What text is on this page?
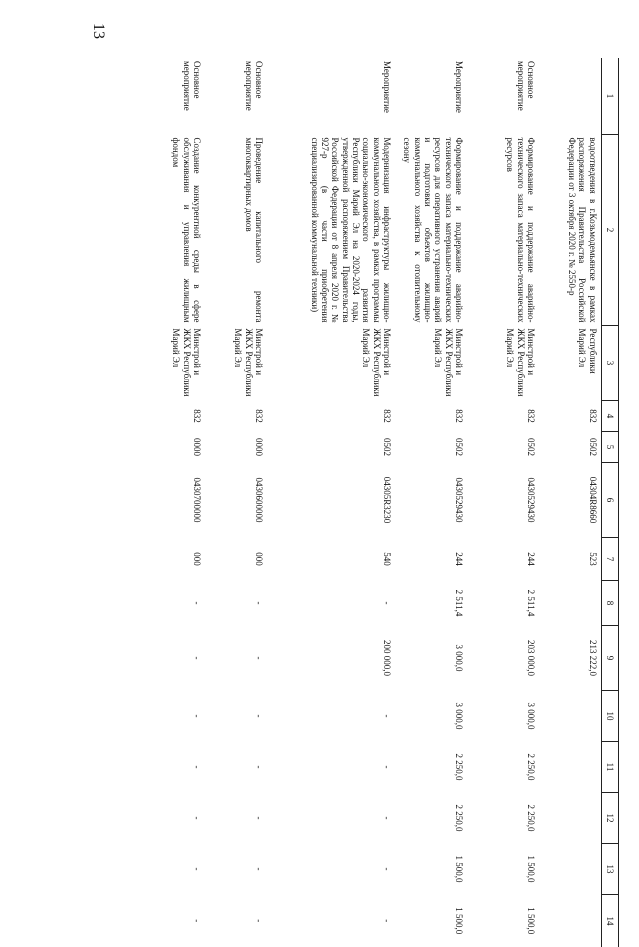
13
1	2	3	4	5	6	7	8	9	10	11	12	13	14
	водоотведения в г.Козьмодемьянске в рамках распоряжения Правительства Российской Федерации от 3 октября 2020 г. № 2550-р	Республики Марий Эл	832	0502	04304R8660	523		213 222,0					
Основное мероприятие	Формирование и поддержание аварийно-технического запаса материально-технических ресурсов	Минстрой и ЖКХ Республики Марий Эл	832	0502	0430529430	244	2 511,4	203 000,0	3 000,0	2 250,0	2 250,0	1 500,0	1 500,0
Мероприятие	Формирование и поддержание аварийно-технического запаса материально-технических ресурсов для оперативного устранения аварий и подготовки объектов жилищно-коммунального хозяйства к отопительному сезону	Минстрой и ЖКХ Республики Марий Эл	832	0502	0430529430	244	2 511,4	3 000,0	3 000,0	2 250,0	2 250,0	1 500,0	1 500,0
Мероприятие	Модернизация инфраструктуры жилищно-коммунального хозяйства, в рамках программы социально-экономического развития Республики Марий Эл на 2020-2024 годы, утвержденной распоряжением Правительства Российской Федерации от 8 апреля 2020 г. № 927-р (в части приобретения специализированной коммунальной техники)	Минстрой и ЖКХ Республики Марий Эл	832	0502	04305R3230	540	-	200 000,0	-	-	-	-	-
Основное мероприятие	Проведение капитального ремонта многоквартирных домов	Минстрой и ЖКХ Республики Марий Эл	832	0000	0430600000	000	-	-	-	-	-	-	-
Основное мероприятие	Создание конкурентной среды в сфере обслуживания и управления жилищным фондом	Минстрой и ЖКХ Республики Марий Эл	832	0000	0430700000	000	-	-	-	-	-	-	-
